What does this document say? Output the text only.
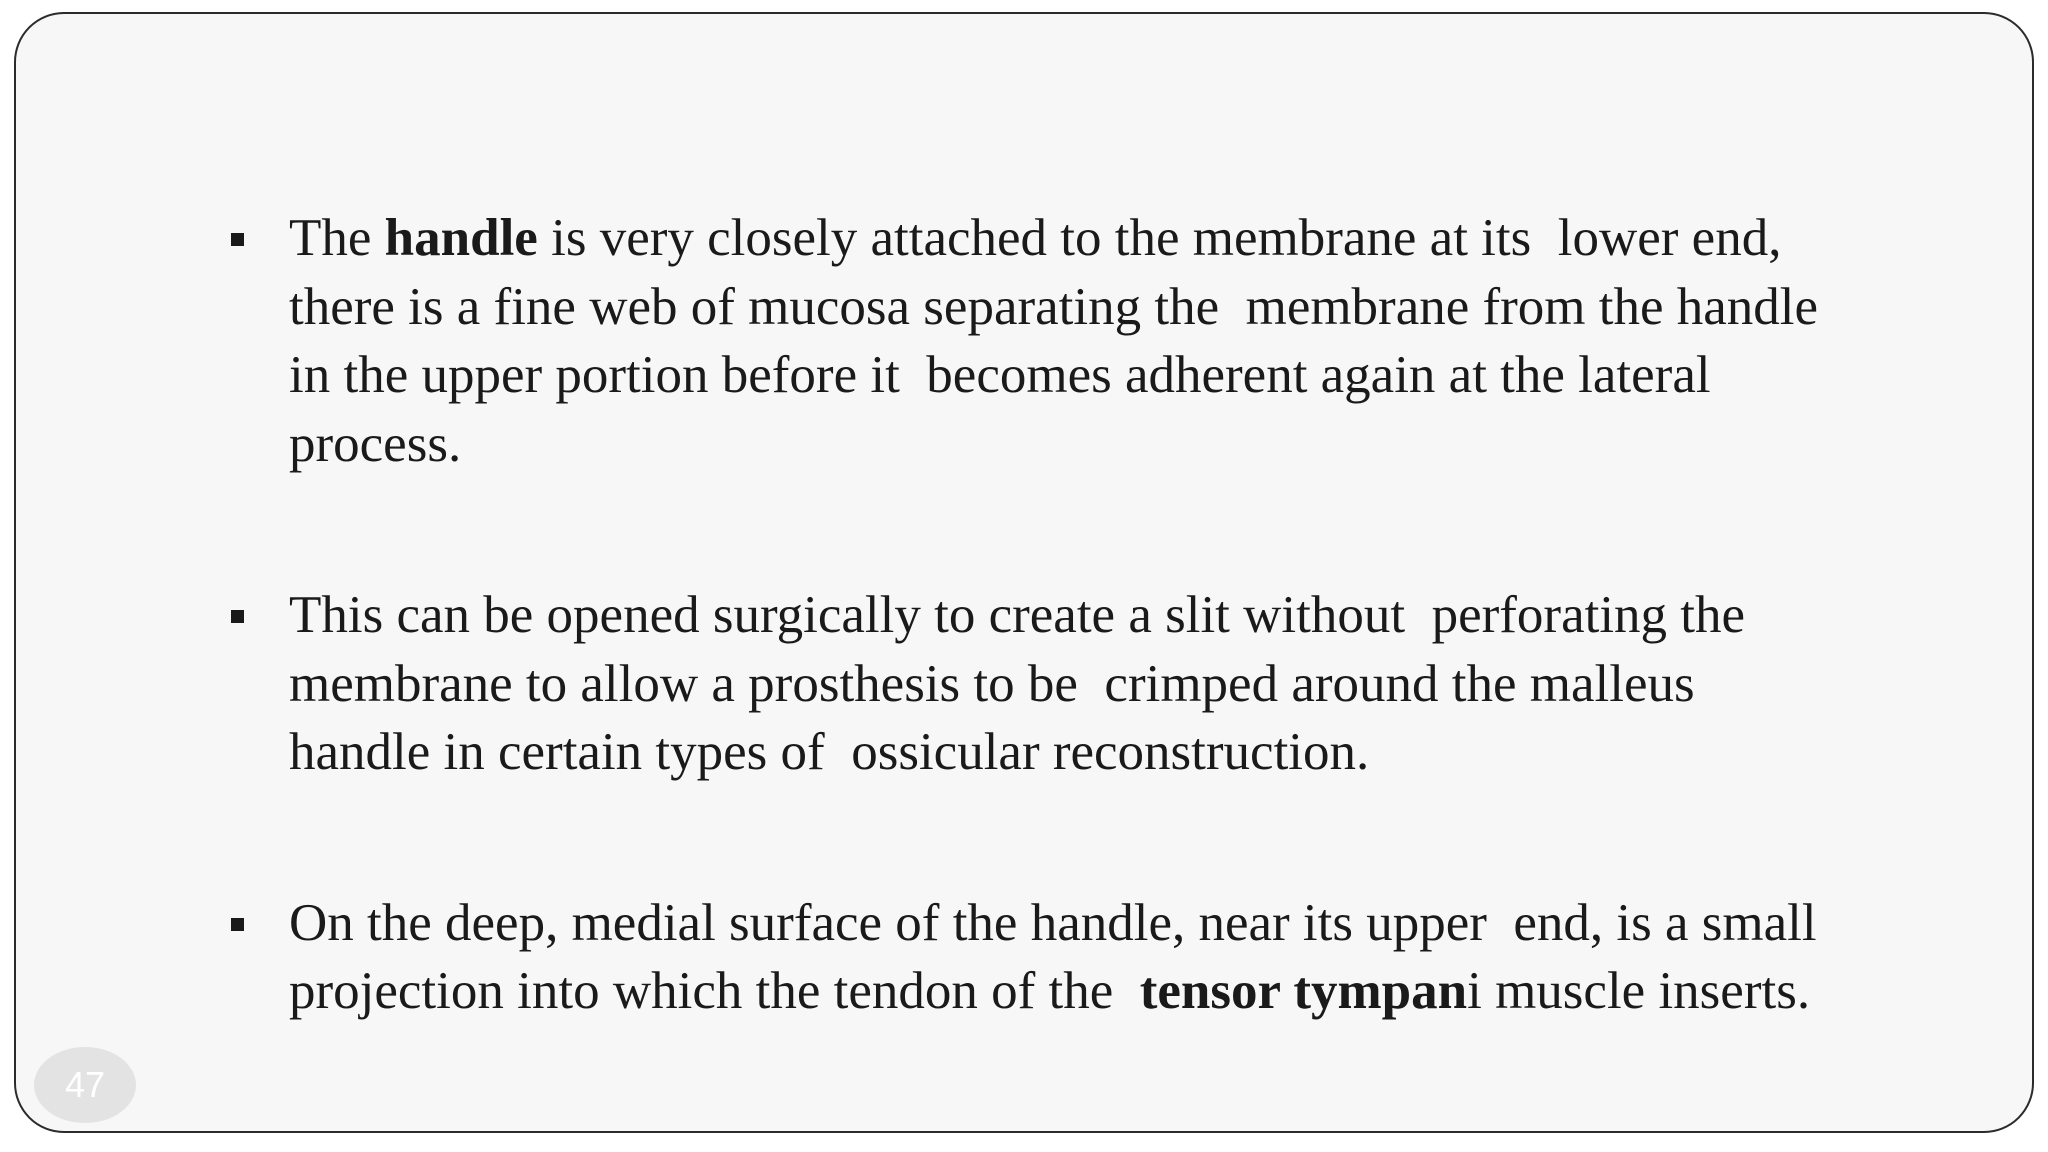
The handle is very closely attached to the membrane at its  lower end,
there is a fine web of mucosa separating the  membrane from the handle
in the upper portion before it  becomes adherent again at the lateral
process.
This can be opened surgically to create a slit without  perforating the
membrane to allow a prosthesis to be  crimped around the malleus
handle in certain types of  ossicular reconstruction.
On the deep, medial surface of the handle, near its upper  end, is a small
projection into which the tendon of the  tensor tympani muscle inserts.
47
